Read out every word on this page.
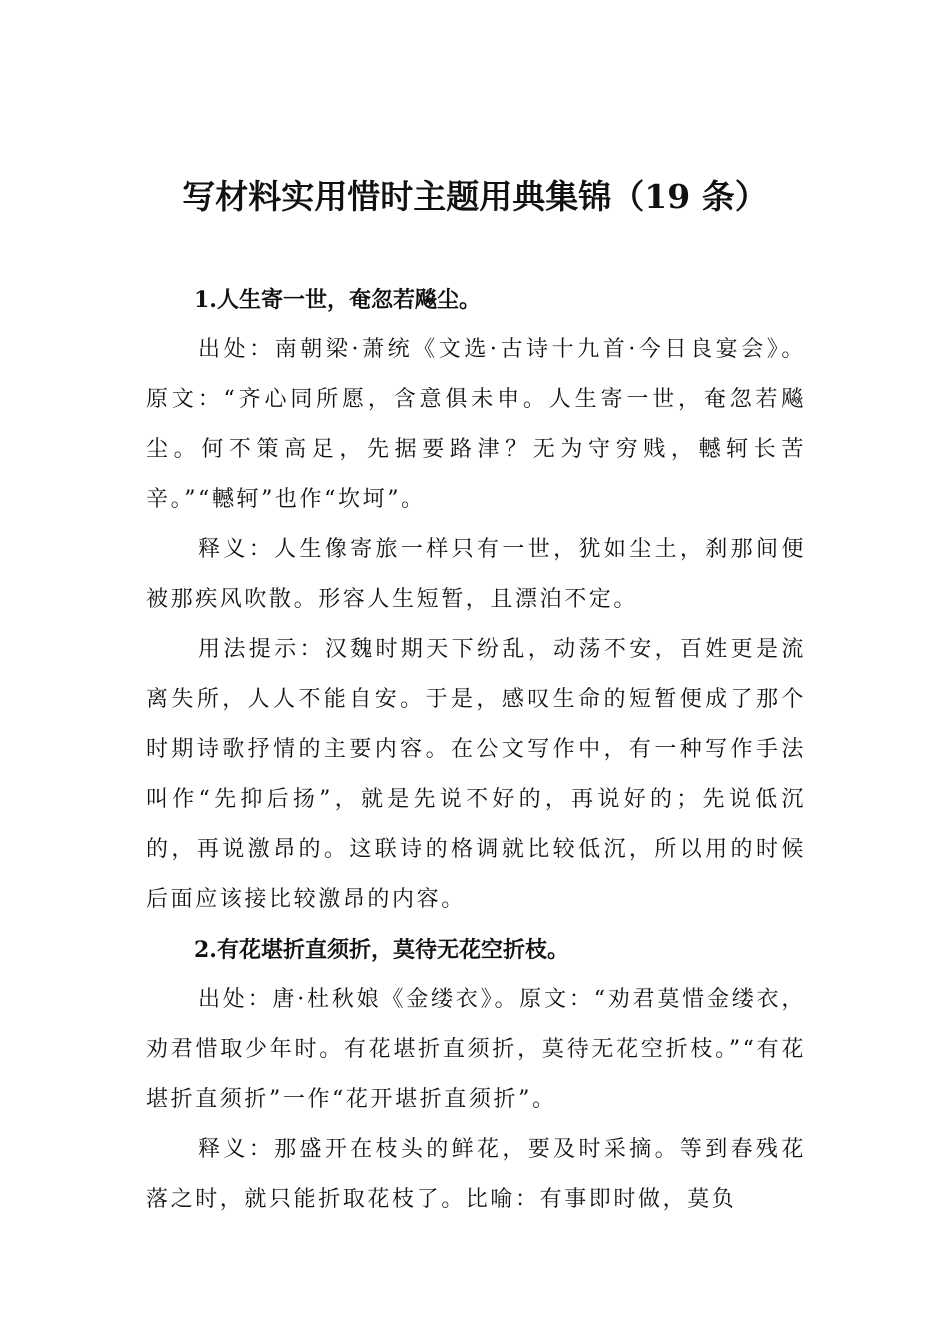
写材料实用惜时主题用典集锦（19 条）

1.人生寄一世，奄忽若飚尘。

出处：南朝梁·萧统《文选·古诗十九首·今日良宴会》。原文：“齐心同所愿，含意俱未申。人生寄一世，奄忽若飚尘。何不策高足，先据要路津？无为守穷贱，轗轲长苦辛。”“轗轲”也作“坎坷”。

释义：人生像寄旅一样只有一世，犹如尘土，刹那间便被那疾风吹散。形容人生短暂，且漂泊不定。

用法提示：汉魏时期天下纷乱，动荡不安，百姓更是流离失所，人人不能自安。于是，感叹生命的短暂便成了那个时期诗歌抒情的主要内容。在公文写作中，有一种写作手法叫作“先抑后扬”，就是先说不好的，再说好的；先说低沉的，再说激昂的。这联诗的格调就比较低沉，所以用的时候后面应该接比较激昂的内容。

2.有花堪折直须折，莫待无花空折枝。

出处：唐·杜秋娘《金缕衣》。原文：“劝君莫惜金缕衣，劝君惜取少年时。有花堪折直须折，莫待无花空折枝。”“有花堪折直须折”一作“花开堪折直须折”。

释义：那盛开在枝头的鲜花，要及时采摘。等到春残花落之时，就只能折取花枝了。比喻：有事即时做，莫负
